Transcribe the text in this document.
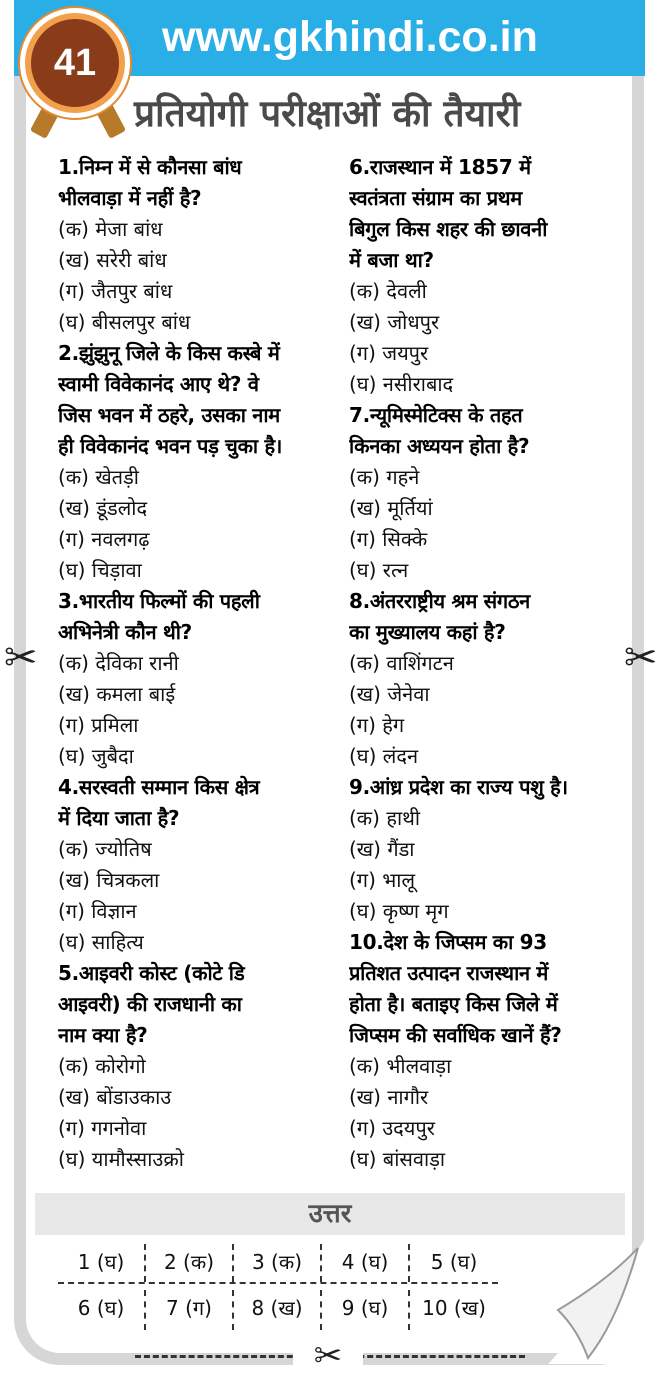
www.gkhindi.co.in
41
प्रतियोगी परीक्षाओं की तैयारी
1.निम्न में से कौनसा बांध
भीलवाड़ा में नहीं है?
(क) मेजा बांध
(ख) सरेरी बांध
(ग) जैतपुर बांध
(घ) बीसलपुर बांध
2.झुंझुनू जिले के किस कस्बे में
स्वामी विवेकानंद आए थे? वे
जिस भवन में ठहरे, उसका नाम
ही विवेकानंद भवन पड़ चुका है।
(क) खेतड़ी
(ख) डूंडलोद
(ग) नवलगढ़
(घ) चिड़ावा
3.भारतीय फिल्मों की पहली
अभिनेत्री कौन थी?
(क) देविका रानी
(ख) कमला बाई
(ग) प्रमिला
(घ) जुबैदा
4.सरस्वती सम्मान किस क्षेत्र
में दिया जाता है?
(क) ज्योतिष
(ख) चित्रकला
(ग) विज्ञान
(घ) साहित्य
5.आइवरी कोस्ट (कोटे डि
आइवरी) की राजधानी का
नाम क्या है?
(क) कोरोगो
(ख) बोंडाउकाउ
(ग) गगनोवा
(घ) यामौस्साउक्रो
6.राजस्थान में 1857 में
स्वतंत्रता संग्राम का प्रथम
बिगुल किस शहर की छावनी
में बजा था?
(क) देवली
(ख) जोधपुर
(ग) जयपुर
(घ) नसीराबाद
7.न्यूमिस्मेटिक्स के तहत
किनका अध्ययन होता है?
(क) गहने
(ख) मूर्तियां
(ग) सिक्के
(घ) रत्न
8.अंतरराष्ट्रीय श्रम संगठन
का मुख्यालय कहां है?
(क) वाशिंगटन
(ख) जेनेवा
(ग) हेग
(घ) लंदन
9.आंध्र प्रदेश का राज्य पशु है।
(क) हाथी
(ख) गैंडा
(ग) भालू
(घ) कृष्ण मृग
10.देश के जिप्सम का 93
प्रतिशत उत्पादन राजस्थान में
होता है। बताइए किस जिले में
जिप्सम की सर्वाधिक खानें हैं?
(क) भीलवाड़ा
(ख) नागौर
(ग) उदयपुर
(घ) बांसवाड़ा
✂	✂
उत्तर
1 (घ)	2 (क)	3 (क)	4 (घ)	5 (घ)
6 (घ)	7 (ग)	8 (ख)	9 (घ)	10 (ख)
✂
